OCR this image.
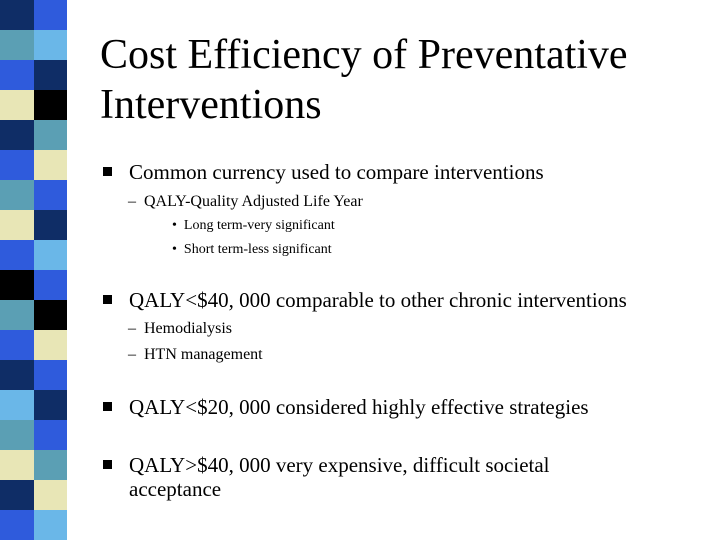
Cost Efficiency of Preventative
Interventions
Common currency used to compare interventions
– QALY-Quality Adjusted Life Year
• Long term-very significant
• Short term-less significant
QALY<$40, 000 comparable to other chronic interventions
– Hemodialysis
– HTN management
QALY<$20, 000 considered highly effective strategies
QALY>$40, 000 very expensive, difficult societal
acceptance
